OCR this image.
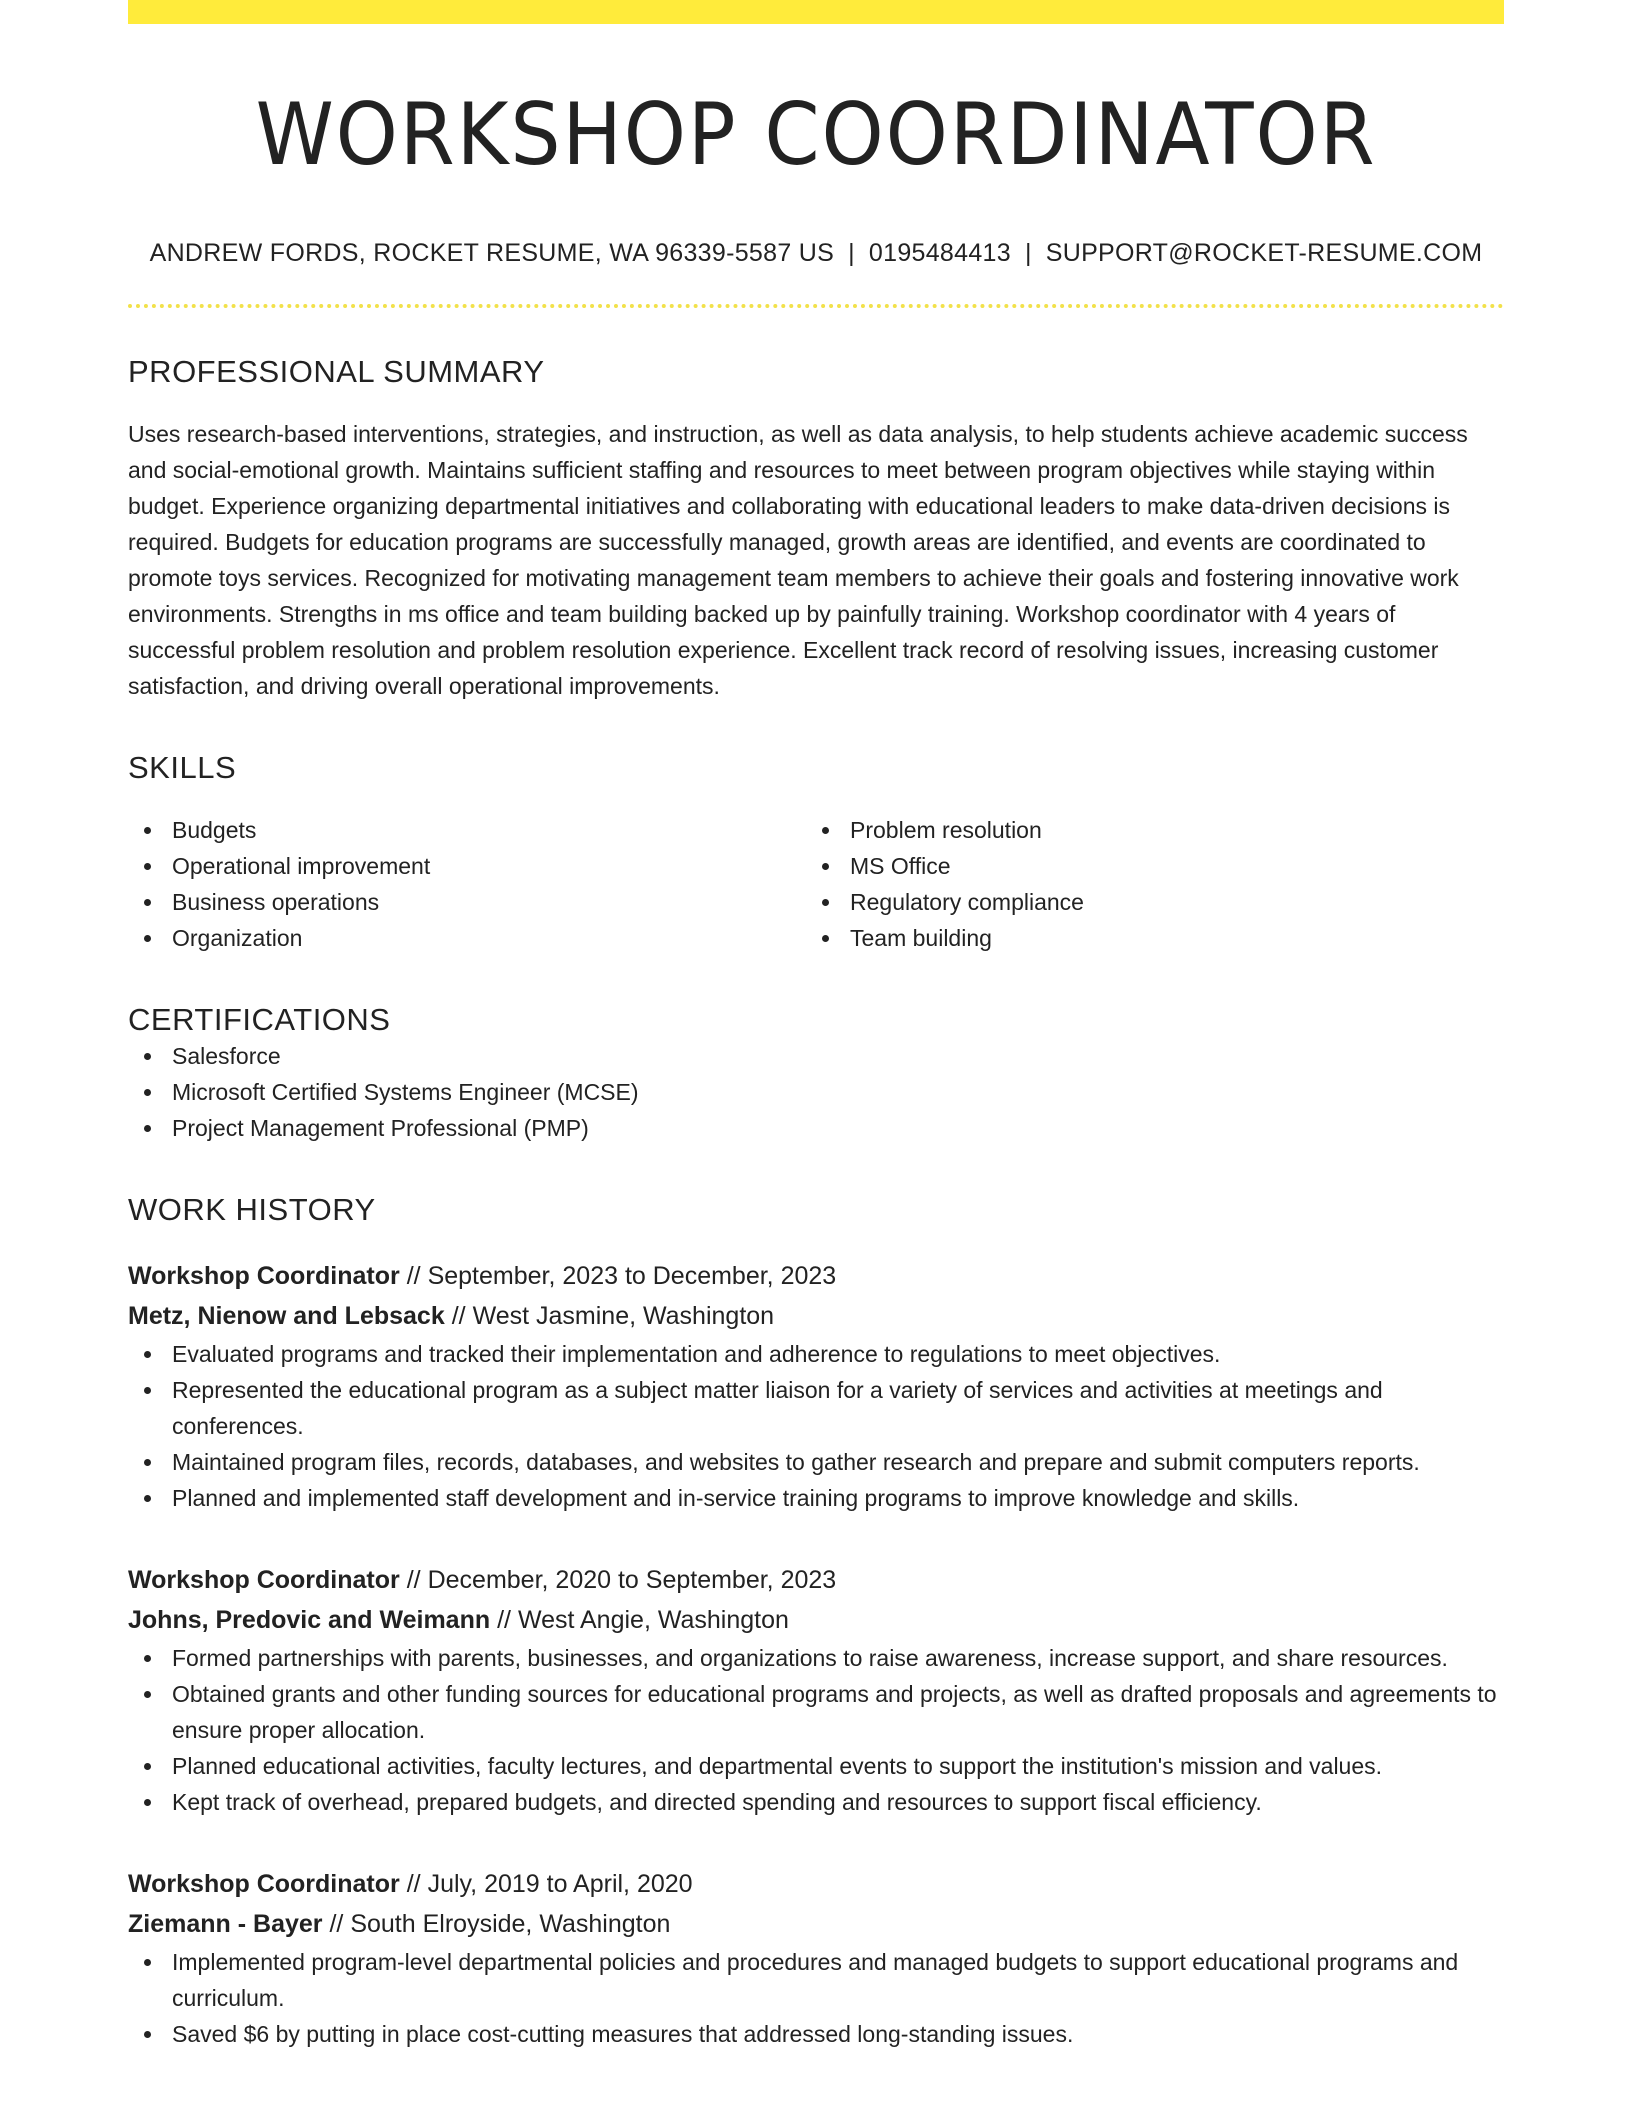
WORKSHOP COORDINATOR
ANDREW FORDS, ROCKET RESUME, WA 96339-5587 US | 0195484413 | SUPPORT@ROCKET-RESUME.COM
PROFESSIONAL SUMMARY
Uses research-based interventions, strategies, and instruction, as well as data analysis, to help students achieve academic success and social-emotional growth. Maintains sufficient staffing and resources to meet between program objectives while staying within budget. Experience organizing departmental initiatives and collaborating with educational leaders to make data-driven decisions is required. Budgets for education programs are successfully managed, growth areas are identified, and events are coordinated to promote toys services. Recognized for motivating management team members to achieve their goals and fostering innovative work environments. Strengths in ms office and team building backed up by painfully training. Workshop coordinator with 4 years of successful problem resolution and problem resolution experience. Excellent track record of resolving issues, increasing customer satisfaction, and driving overall operational improvements.
SKILLS
Budgets
Operational improvement
Business operations
Organization
Problem resolution
MS Office
Regulatory compliance
Team building
CERTIFICATIONS
Salesforce
Microsoft Certified Systems Engineer (MCSE)
Project Management Professional (PMP)
WORK HISTORY
Workshop Coordinator // September, 2023 to December, 2023
Metz, Nienow and Lebsack // West Jasmine, Washington
Evaluated programs and tracked their implementation and adherence to regulations to meet objectives.
Represented the educational program as a subject matter liaison for a variety of services and activities at meetings and conferences.
Maintained program files, records, databases, and websites to gather research and prepare and submit computers reports.
Planned and implemented staff development and in-service training programs to improve knowledge and skills.
Workshop Coordinator // December, 2020 to September, 2023
Johns, Predovic and Weimann // West Angie, Washington
Formed partnerships with parents, businesses, and organizations to raise awareness, increase support, and share resources.
Obtained grants and other funding sources for educational programs and projects, as well as drafted proposals and agreements to ensure proper allocation.
Planned educational activities, faculty lectures, and departmental events to support the institution's mission and values.
Kept track of overhead, prepared budgets, and directed spending and resources to support fiscal efficiency.
Workshop Coordinator // July, 2019 to April, 2020
Ziemann - Bayer // South Elroyside, Washington
Implemented program-level departmental policies and procedures and managed budgets to support educational programs and curriculum.
Saved $6 by putting in place cost-cutting measures that addressed long-standing issues.
